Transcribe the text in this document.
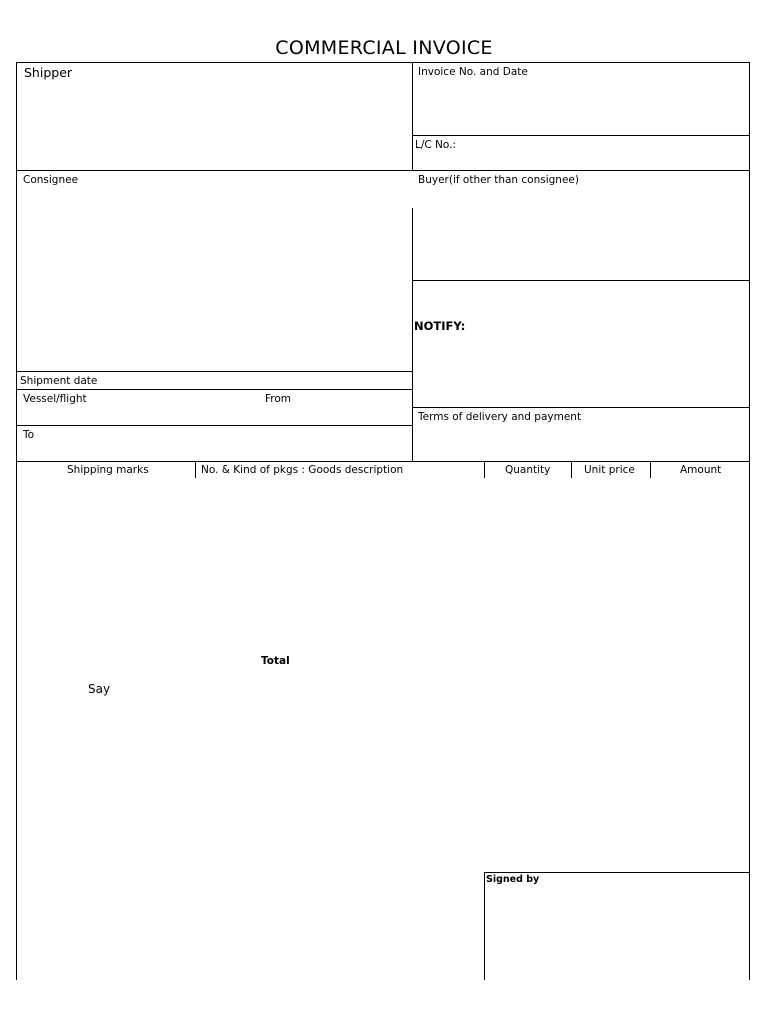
COMMERCIAL INVOICE
Shipper	Invoice No. and Date
L/C No.:
Consignee	Buyer(if other than consignee)
NOTIFY:
Shipment date
Vessel/flight	From
Terms of delivery and payment
To
Shipping marks	No. & Kind of pkgs : Goods description	Quantity	Unit price	Amount
Total
Say
Signed by
